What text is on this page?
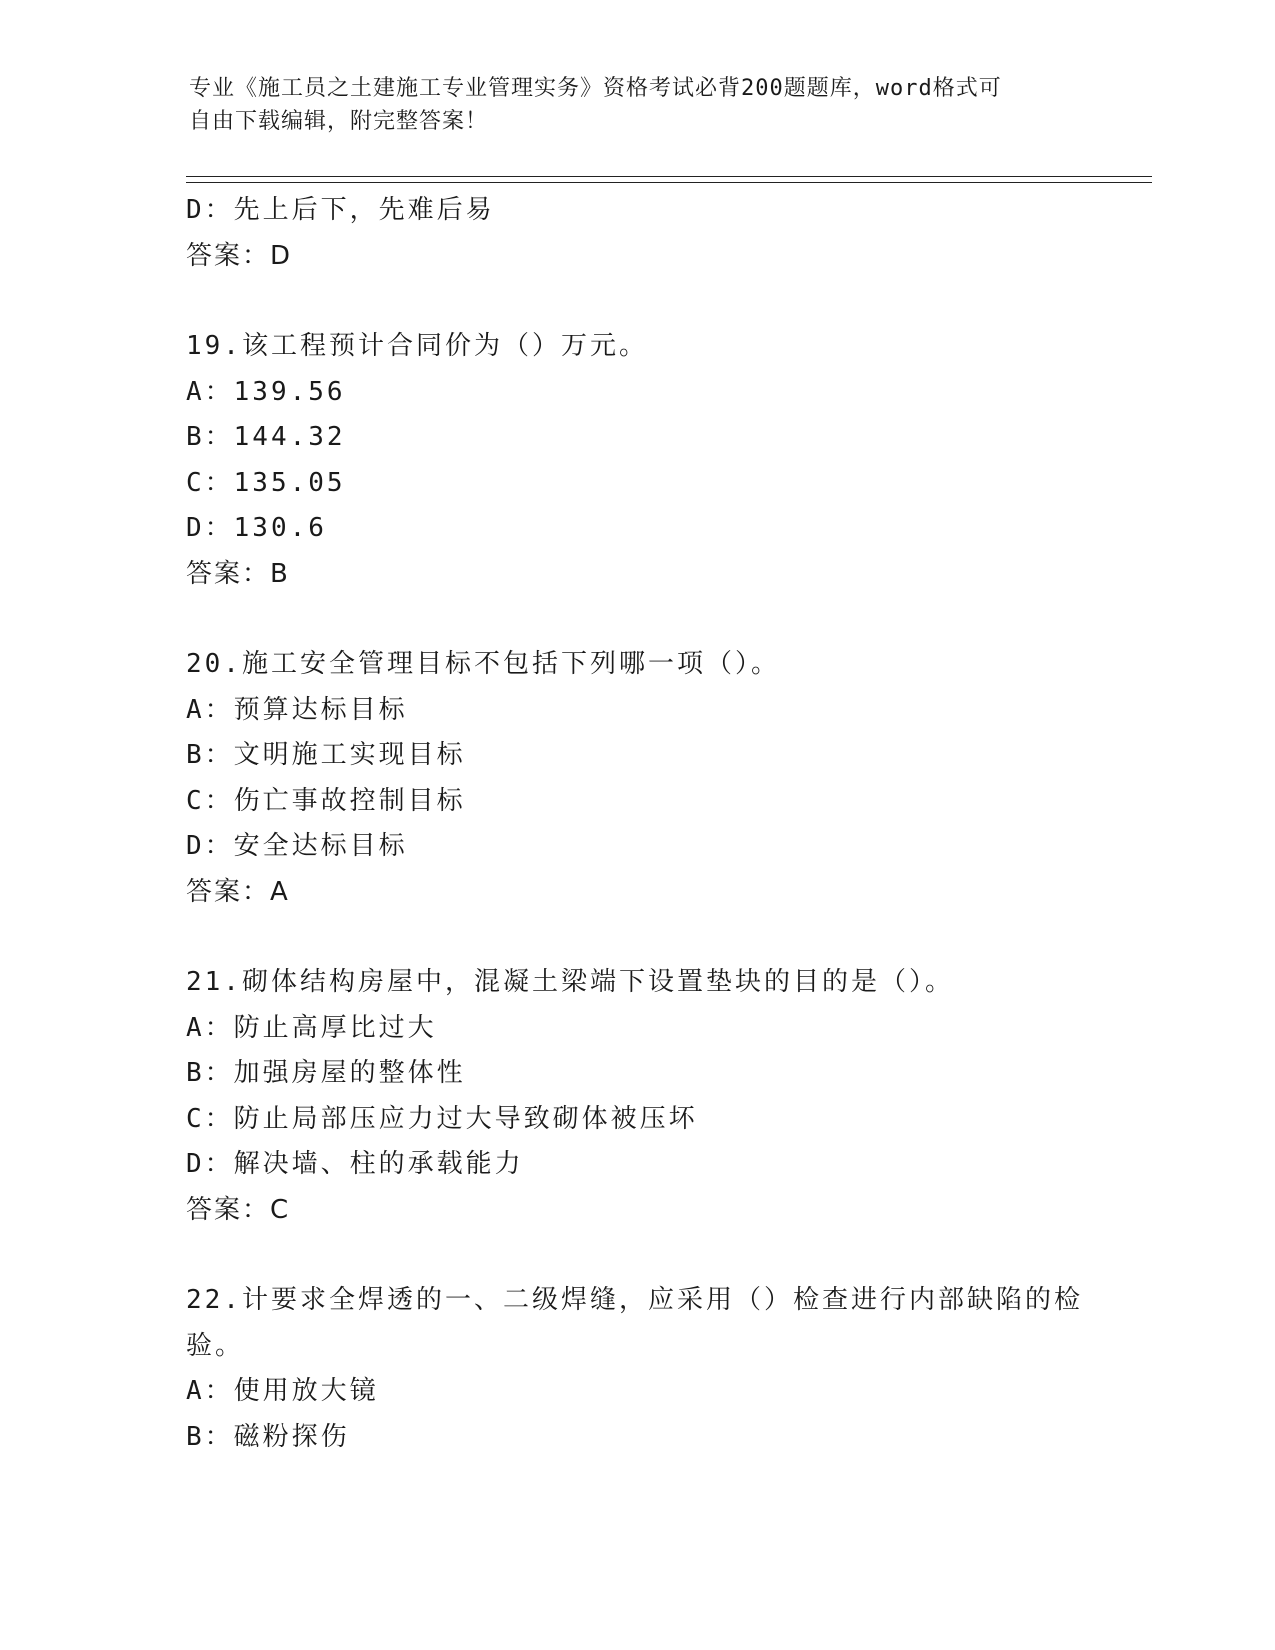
专业《施工员之土建施工专业管理实务》资格考试必背200题题库，word格式可
自由下载编辑，附完整答案！
D：先上后下，先难后易
答案：D
19.该工程预计合同价为（）万元。
A：139.56
B：144.32
C：135.05
D：130.6
答案：B
20.施工安全管理目标不包括下列哪一项（）。
A：预算达标目标
B：文明施工实现目标
C：伤亡事故控制目标
D：安全达标目标
答案：A
21.砌体结构房屋中，混凝土梁端下设置垫块的目的是（）。
A：防止高厚比过大
B：加强房屋的整体性
C：防止局部压应力过大导致砌体被压坏
D：解决墙、柱的承载能力
答案：C
22.计要求全焊透的一、二级焊缝，应采用（）检查进行内部缺陷的检
验。
A：使用放大镜
B：磁粉探伤
